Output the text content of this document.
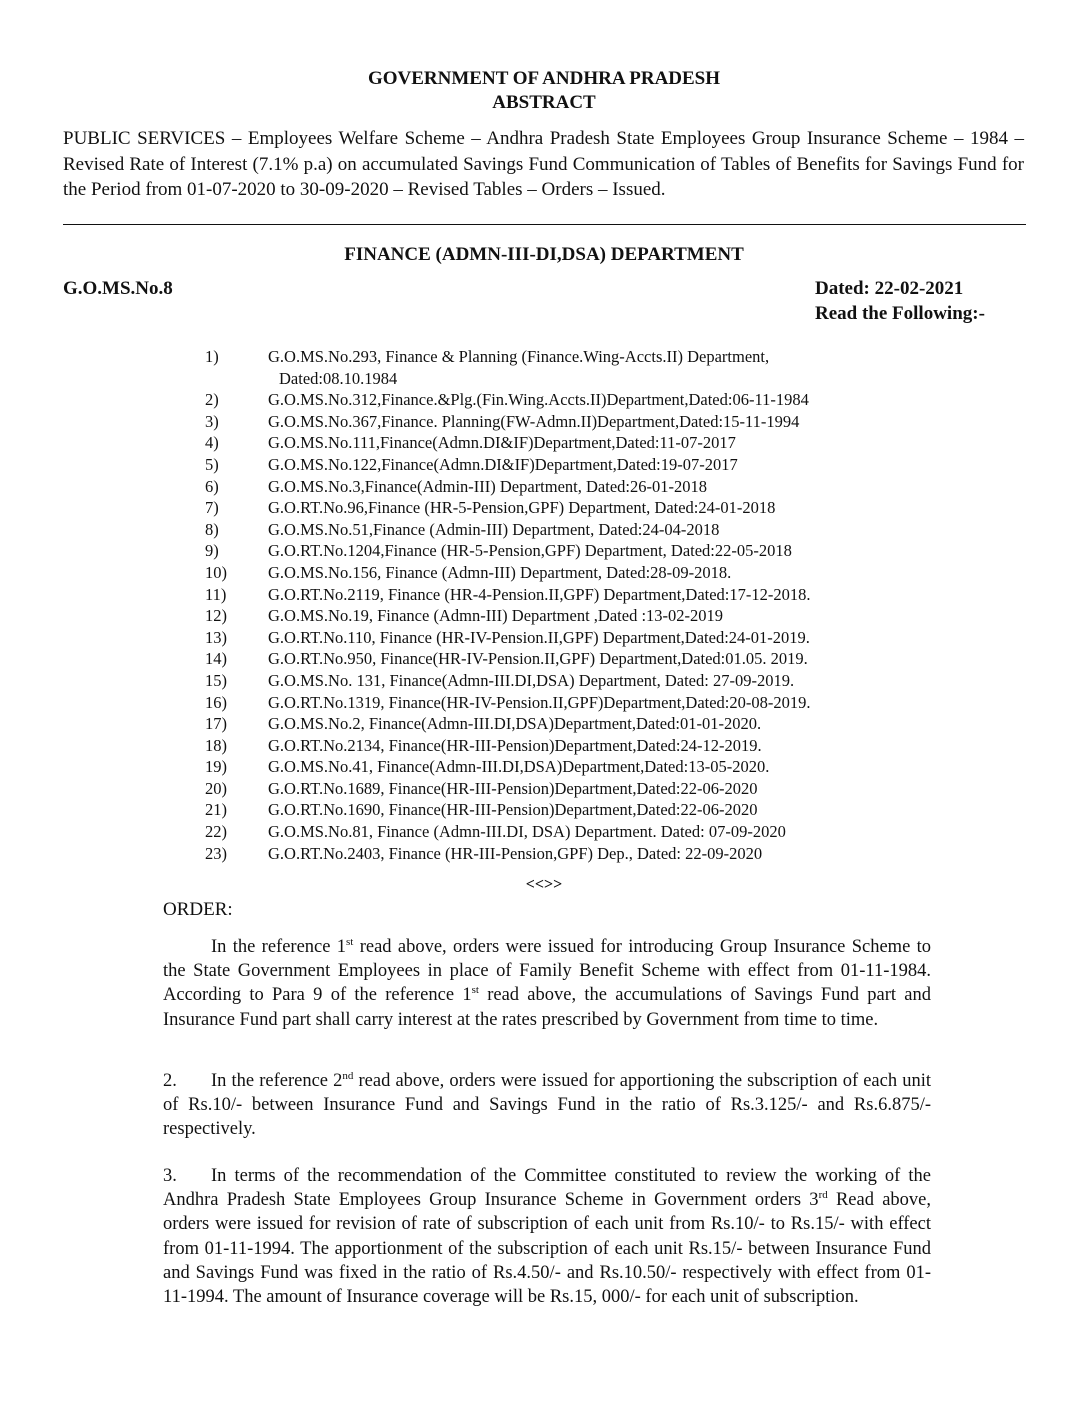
GOVERNMENT OF ANDHRA PRADESH
ABSTRACT
PUBLIC SERVICES – Employees Welfare Scheme – Andhra Pradesh State Employees Group Insurance Scheme – 1984 – Revised Rate of Interest (7.1% p.a) on accumulated Savings Fund Communication of Tables of Benefits for Savings Fund for the Period from 01-07-2020 to 30-09-2020 – Revised Tables – Orders – Issued.
FINANCE (ADMN-III-DI,DSA) DEPARTMENT
G.O.MS.No.8	Dated: 22-02-2021
Read the Following:-
1)	G.O.MS.No.293, Finance & Planning (Finance.Wing-Accts.II) Department,
Dated:08.10.1984
2)	G.O.MS.No.312,Finance.&Plg.(Fin.Wing.Accts.II)Department,Dated:06-11-1984
3)	G.O.MS.No.367,Finance. Planning(FW-Admn.II)Department,Dated:15-11-1994
4)	G.O.MS.No.111,Finance(Admn.DI&IF)Department,Dated:11-07-2017
5)	G.O.MS.No.122,Finance(Admn.DI&IF)Department,Dated:19-07-2017
6)	G.O.MS.No.3,Finance(Admin-III) Department, Dated:26-01-2018
7)	G.O.RT.No.96,Finance (HR-5-Pension,GPF) Department, Dated:24-01-2018
8)	G.O.MS.No.51,Finance (Admin-III) Department, Dated:24-04-2018
9)	G.O.RT.No.1204,Finance (HR-5-Pension,GPF) Department, Dated:22-05-2018
10)	G.O.MS.No.156, Finance (Admn-III) Department, Dated:28-09-2018.
11)	G.O.RT.No.2119, Finance (HR-4-Pension.II,GPF) Department,Dated:17-12-2018.
12)	G.O.MS.No.19, Finance (Admn-III) Department ,Dated :13-02-2019
13)	G.O.RT.No.110, Finance (HR-IV-Pension.II,GPF) Department,Dated:24-01-2019.
14)	G.O.RT.No.950, Finance(HR-IV-Pension.II,GPF) Department,Dated:01.05. 2019.
15)	G.O.MS.No. 131, Finance(Admn-III.DI,DSA) Department, Dated: 27-09-2019.
16)	G.O.RT.No.1319, Finance(HR-IV-Pension.II,GPF)Department,Dated:20-08-2019.
17)	G.O.MS.No.2, Finance(Admn-III.DI,DSA)Department,Dated:01-01-2020.
18)	G.O.RT.No.2134, Finance(HR-III-Pension)Department,Dated:24-12-2019.
19)	G.O.MS.No.41, Finance(Admn-III.DI,DSA)Department,Dated:13-05-2020.
20)	G.O.RT.No.1689, Finance(HR-III-Pension)Department,Dated:22-06-2020
21)	G.O.RT.No.1690, Finance(HR-III-Pension)Department,Dated:22-06-2020
22)	G.O.MS.No.81, Finance (Admn-III.DI, DSA) Department. Dated: 07-09-2020
23)	G.O.RT.No.2403, Finance (HR-III-Pension,GPF) Dep., Dated: 22-09-2020
<<>>
ORDER:
In the reference 1st read above, orders were issued for introducing Group Insurance Scheme to the State Government Employees in place of Family Benefit Scheme with effect from 01-11-1984. According to Para 9 of the reference 1st read above, the accumulations of Savings Fund part and Insurance Fund part shall carry interest at the rates prescribed by Government from time to time.
2. In the reference 2nd read above, orders were issued for apportioning the subscription of each unit of Rs.10/- between Insurance Fund and Savings Fund in the ratio of Rs.3.125/- and Rs.6.875/-respectively.
3. In terms of the recommendation of the Committee constituted to review the working of the Andhra Pradesh State Employees Group Insurance Scheme in Government orders 3rd Read above, orders were issued for revision of rate of subscription of each unit from Rs.10/- to Rs.15/- with effect from 01-11-1994. The apportionment of the subscription of each unit Rs.15/- between Insurance Fund and Savings Fund was fixed in the ratio of Rs.4.50/- and Rs.10.50/- respectively with effect from 01-11-1994. The amount of Insurance coverage will be Rs.15, 000/- for each unit of subscription.
